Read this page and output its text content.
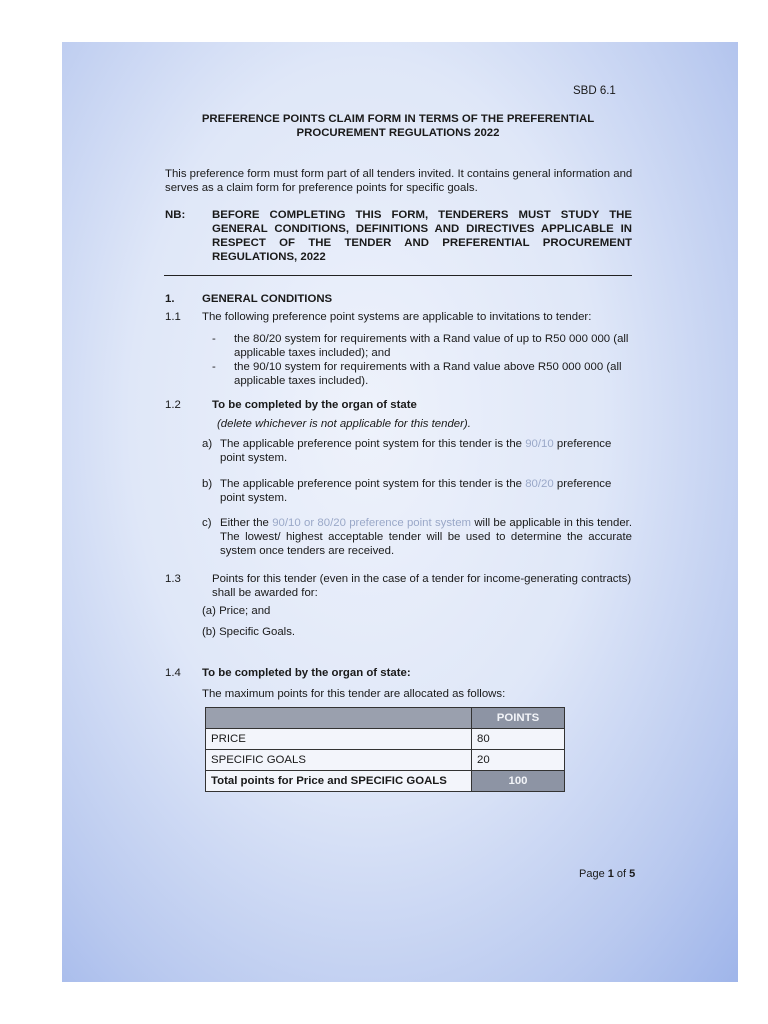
SBD 6.1
PREFERENCE POINTS CLAIM FORM IN TERMS OF THE PREFERENTIAL
PROCUREMENT REGULATIONS 2022
This preference form must form part of all tenders invited. It contains general information and serves as a claim form for preference points for specific goals.
NB: BEFORE COMPLETING THIS FORM, TENDERERS MUST STUDY THE GENERAL CONDITIONS, DEFINITIONS AND DIRECTIVES APPLICABLE IN RESPECT OF THE TENDER AND PREFERENTIAL PROCUREMENT REGULATIONS, 2022
1. GENERAL CONDITIONS
1.1 The following preference point systems are applicable to invitations to tender:
- the 80/20 system for requirements with a Rand value of up to R50 000 000 (all applicable taxes included); and
- the 90/10 system for requirements with a Rand value above R50 000 000 (all applicable taxes included).
1.2	To be completed by the organ of state
(delete whichever is not applicable for this tender).
a) The applicable preference point system for this tender is the 90/10 preference point system.
b) The applicable preference point system for this tender is the 80/20 preference point system.
c) Either the 90/10 or 80/20 preference point system will be applicable in this tender. The lowest/ highest acceptable tender will be used to determine the accurate system once tenders are received.
1.3	Points for this tender (even in the case of a tender for income-generating contracts) shall be awarded for:
(a) Price; and
(b) Specific Goals.
1.4 To be completed by the organ of state:
The maximum points for this tender are allocated as follows:
	POINTS
PRICE	80
SPECIFIC GOALS	20
Total points for Price and SPECIFIC GOALS	100
Page 1 of 5
